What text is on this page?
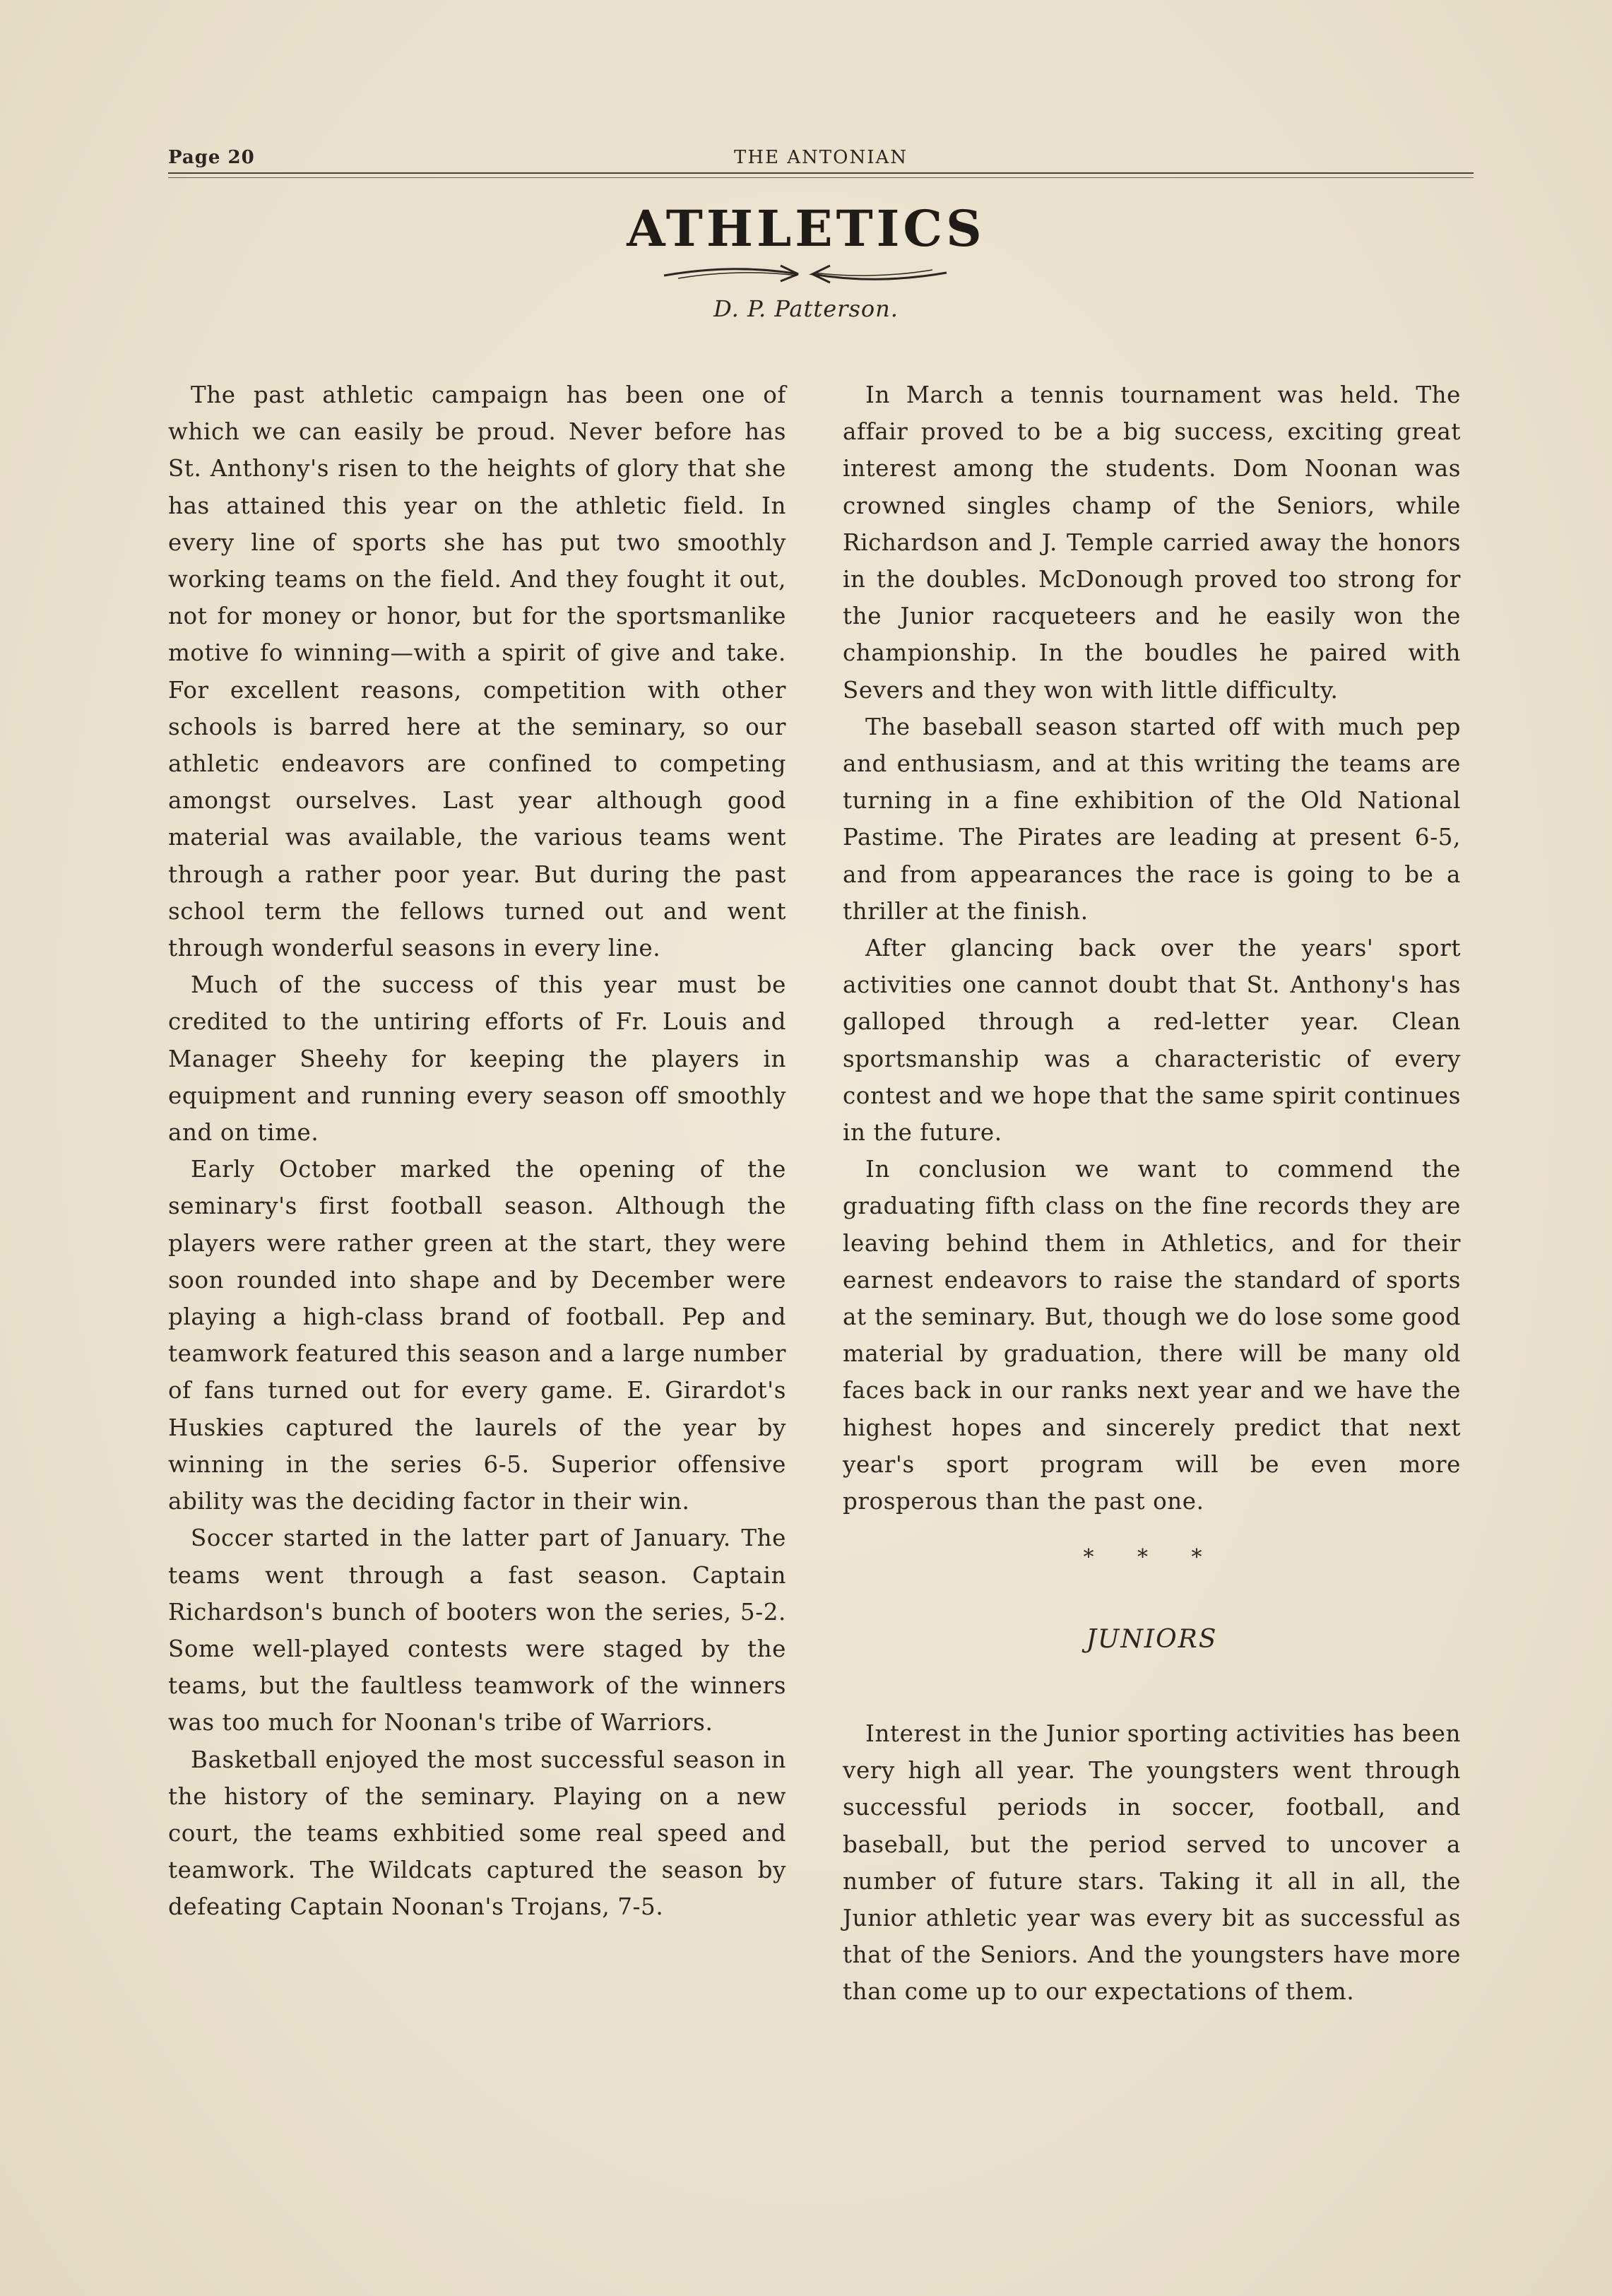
Page 20	THE ANTONIAN
ATHLETICS
D. P. Patterson.

The past athletic campaign has been one of which we can easily be proud. Never before has St. Anthony's risen to the heights of glory that she has attained this year on the athletic field. In every line of sports she has put two smoothly working teams on the field. And they fought it out, not for money or honor, but for the sportsmanlike motive fo winning—with a spirit of give and take. For excellent reasons, competition with other schools is barred here at the seminary, so our athletic endeavors are confined to competing amongst ourselves. Last year although good material was available, the various teams went through a rather poor year. But during the past school term the fellows turned out and went through wonderful seasons in every line.

Much of the success of this year must be credited to the untiring efforts of Fr. Louis and Manager Sheehy for keeping the players in equipment and running every season off smoothly and on time.

Early October marked the opening of the seminary's first football season. Although the players were rather green at the start, they were soon rounded into shape and by December were playing a high-class brand of football. Pep and teamwork featured this season and a large number of fans turned out for every game. E. Girardot's Huskies captured the laurels of the year by winning in the series 6-5. Superior offensive ability was the deciding factor in their win.

Soccer started in the latter part of January. The teams went through a fast season. Captain Richardson's bunch of booters won the series, 5-2. Some well-played contests were staged by the teams, but the faultless teamwork of the winners was too much for Noonan's tribe of Warriors.

Basketball enjoyed the most successful season in the history of the seminary. Playing on a new court, the teams exhbitied some real speed and teamwork. The Wildcats captured the season by defeating Captain Noonan's Trojans, 7-5.

In March a tennis tournament was held. The affair proved to be a big success, exciting great interest among the students. Dom Noonan was crowned singles champ of the Seniors, while Richardson and J. Temple carried away the honors in the doubles. McDonough proved too strong for the Junior racqueteers and he easily won the championship. In the boudles he paired with Severs and they won with little difficulty.

The baseball season started off with much pep and enthusiasm, and at this writing the teams are turning in a fine exhibition of the Old National Pastime. The Pirates are leading at present 6-5, and from appearances the race is going to be a thriller at the finish.

After glancing back over the years' sport activities one cannot doubt that St. Anthony's has galloped through a red-letter year. Clean sportsmanship was a characteristic of every contest and we hope that the same spirit continues in the future.

In conclusion we want to commend the graduating fifth class on the fine records they are leaving behind them in Athletics, and for their earnest endeavors to raise the standard of sports at the seminary. But, though we do lose some good material by graduation, there will be many old faces back in our ranks next year and we have the highest hopes and sincerely predict that next year's sport program will be even more prosperous than the past one.

* * *
JUNIORS

Interest in the Junior sporting activities has been very high all year. The youngsters went through successful periods in soccer, football, and baseball, but the period served to uncover a number of future stars. Taking it all in all, the Junior athletic year was every bit as successful as that of the Seniors. And the youngsters have more than come up to our expectations of them.
